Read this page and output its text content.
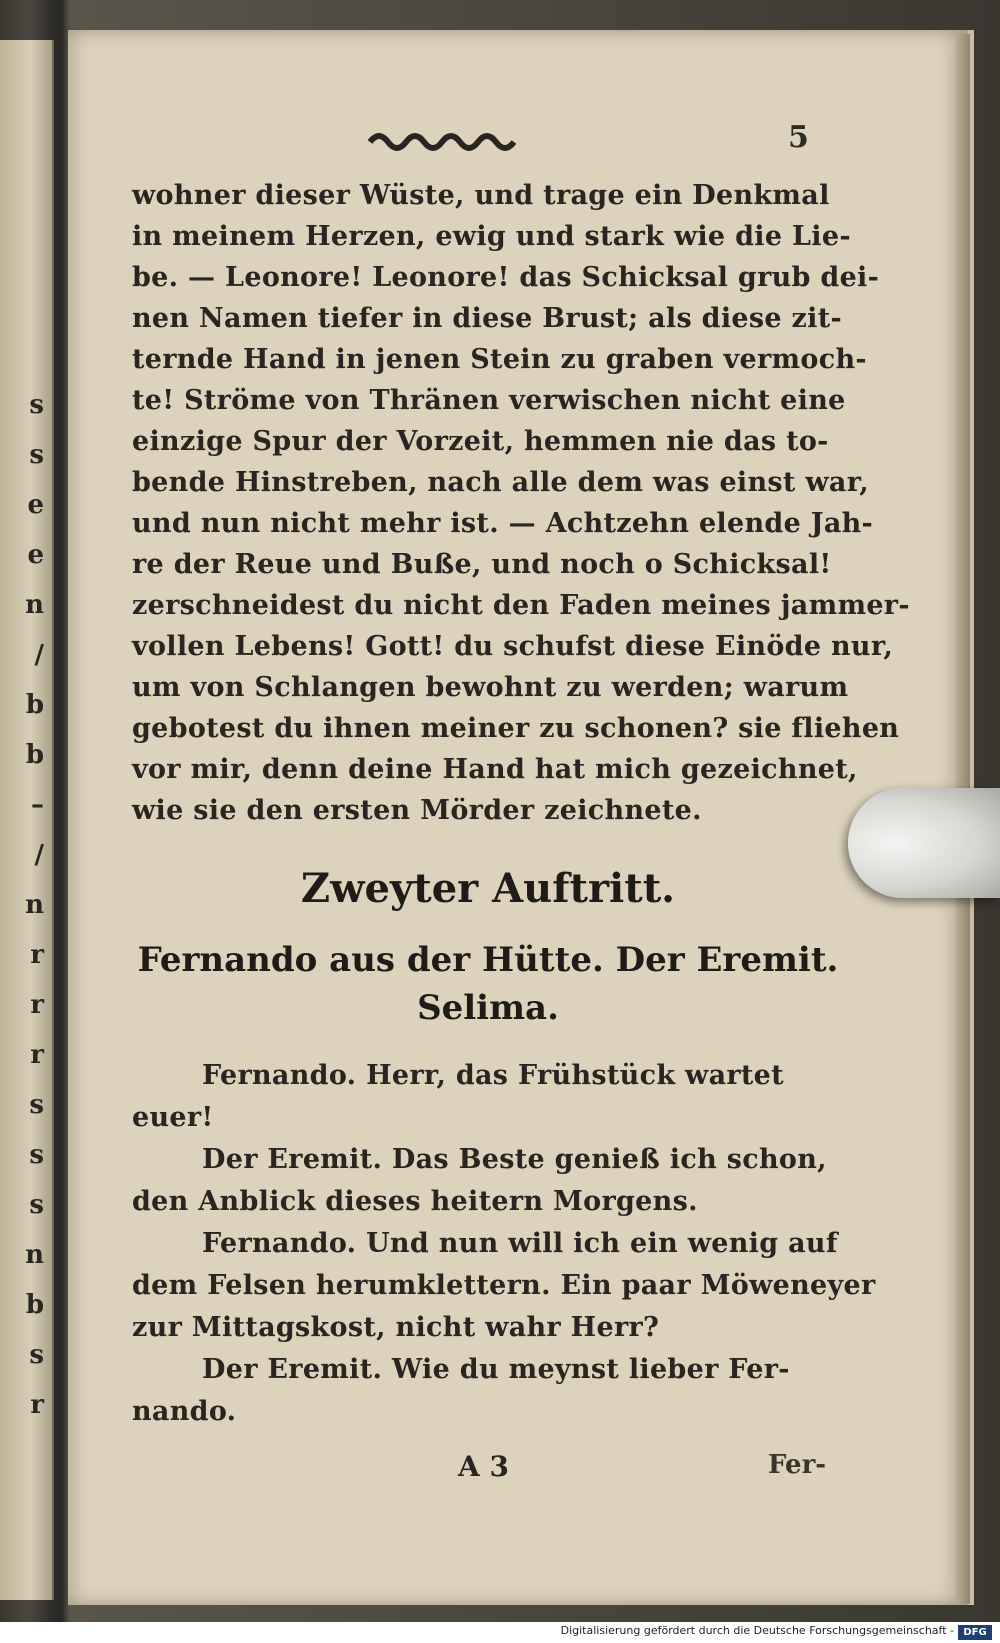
s
s
e
e
n
/
b
b
–
/
n
r
r
r
s
s
s
n
b
s
r
5
wohner dieser Wüste, und trage ein Denkmal
in meinem Herzen, ewig und stark wie die Lie-
be. — Leonore! Leonore! das Schicksal grub dei-
nen Namen tiefer in diese Brust; als diese zit-
ternde Hand in jenen Stein zu graben vermoch-
te! Ströme von Thränen verwischen nicht eine
einzige Spur der Vorzeit, hemmen nie das to-
bende Hinstreben, nach alle dem was einst war,
und nun nicht mehr ist. — Achtzehn elende Jah-
re der Reue und Buße, und noch o Schicksal!
zerschneidest du nicht den Faden meines jammer-
vollen Lebens! Gott! du schufst diese Einöde nur,
um von Schlangen bewohnt zu werden; warum
gebotest du ihnen meiner zu schonen? sie fliehen
vor mir, denn deine Hand hat mich gezeichnet,
wie sie den ersten Mörder zeichnete.
Zweyter Auftritt.
Fernando aus der Hütte. Der Eremit.
Selima.
Fernando. Herr, das Frühstück wartet
euer!
Der Eremit. Das Beste genieß ich schon,
den Anblick dieses heitern Morgens.
Fernando. Und nun will ich ein wenig auf
dem Felsen herumklettern. Ein paar Möweneyer
zur Mittagskost, nicht wahr Herr?
Der Eremit. Wie du meynst lieber Fer-
nando.
A 3	Fer-
Digitalisierung gefördert durch die Deutsche Forschungsgemeinschaft - DFG
